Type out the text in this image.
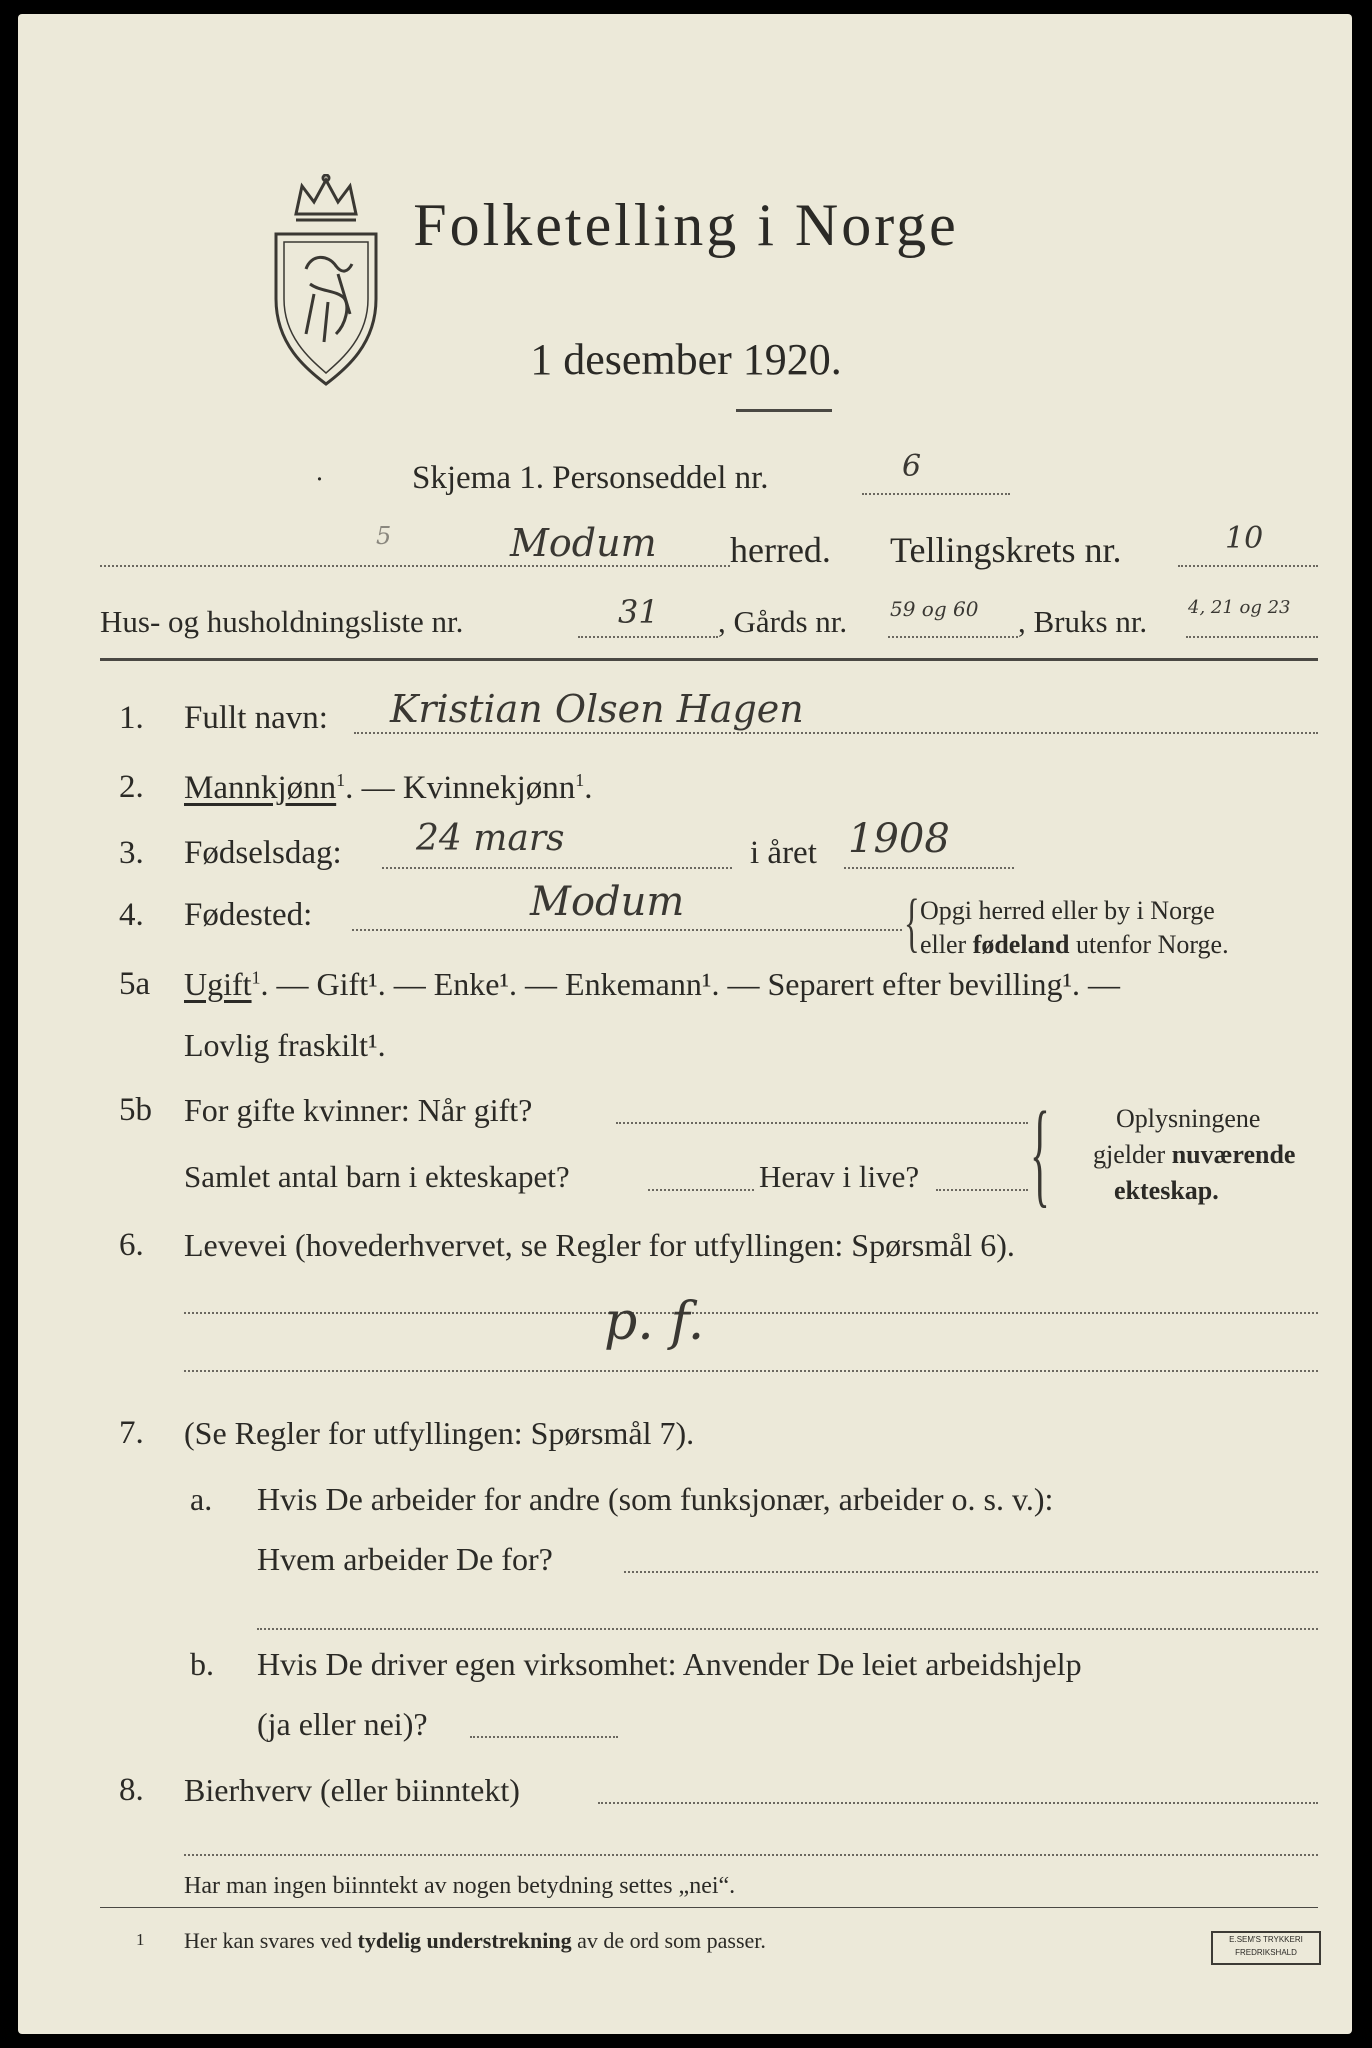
Folketelling i Norge
1 desember 1920.
·	Skjema 1. Personseddel nr.	6
5	Modum herred. Tellingskrets nr.	10
Hus- og husholdningsliste nr.	31 , Gårds nr. 59 og 60 , Bruks nr. 4, 21 og 23
1. Fullt navn: Kristian Olsen Hagen
2. Mannkjønn$^1$. — Kvinnekjønn$^1$.
3. Fødselsdag: 24 mars	i året 1908
4. Fødested:	Modum	{ Opgi herred eller by i Norge
eller fødeland utenfor Norge.
5a Ugift$^1$. — Gift¹. — Enke¹. — Enkemann¹. — Separert efter bevilling¹. —
Lovlig fraskilt¹.
5b For gifte kvinner: Når gift?
Samlet antal barn i ekteskapet?	Herav i live? {	Oplysningene
gjelder nuværende
ekteskap.
6. Levevei (hovederhvervet, se Regler for utfyllingen: Spørsmål 6).
p. f.
7. (Se Regler for utfyllingen: Spørsmål 7).
a. Hvis De arbeider for andre (som funksjonær, arbeider o. s. v.):
Hvem arbeider De for?
b. Hvis De driver egen virksomhet: Anvender De leiet arbeidshjelp
(ja eller nei)?
8. Bierhverv (eller biinntekt)
Har man ingen biinntekt av nogen betydning settes „nei“.
1 Her kan svares ved tydelig understrekning av de ord som passer.	E.SEM'S TRYKKERI
FREDRIKSHALD
